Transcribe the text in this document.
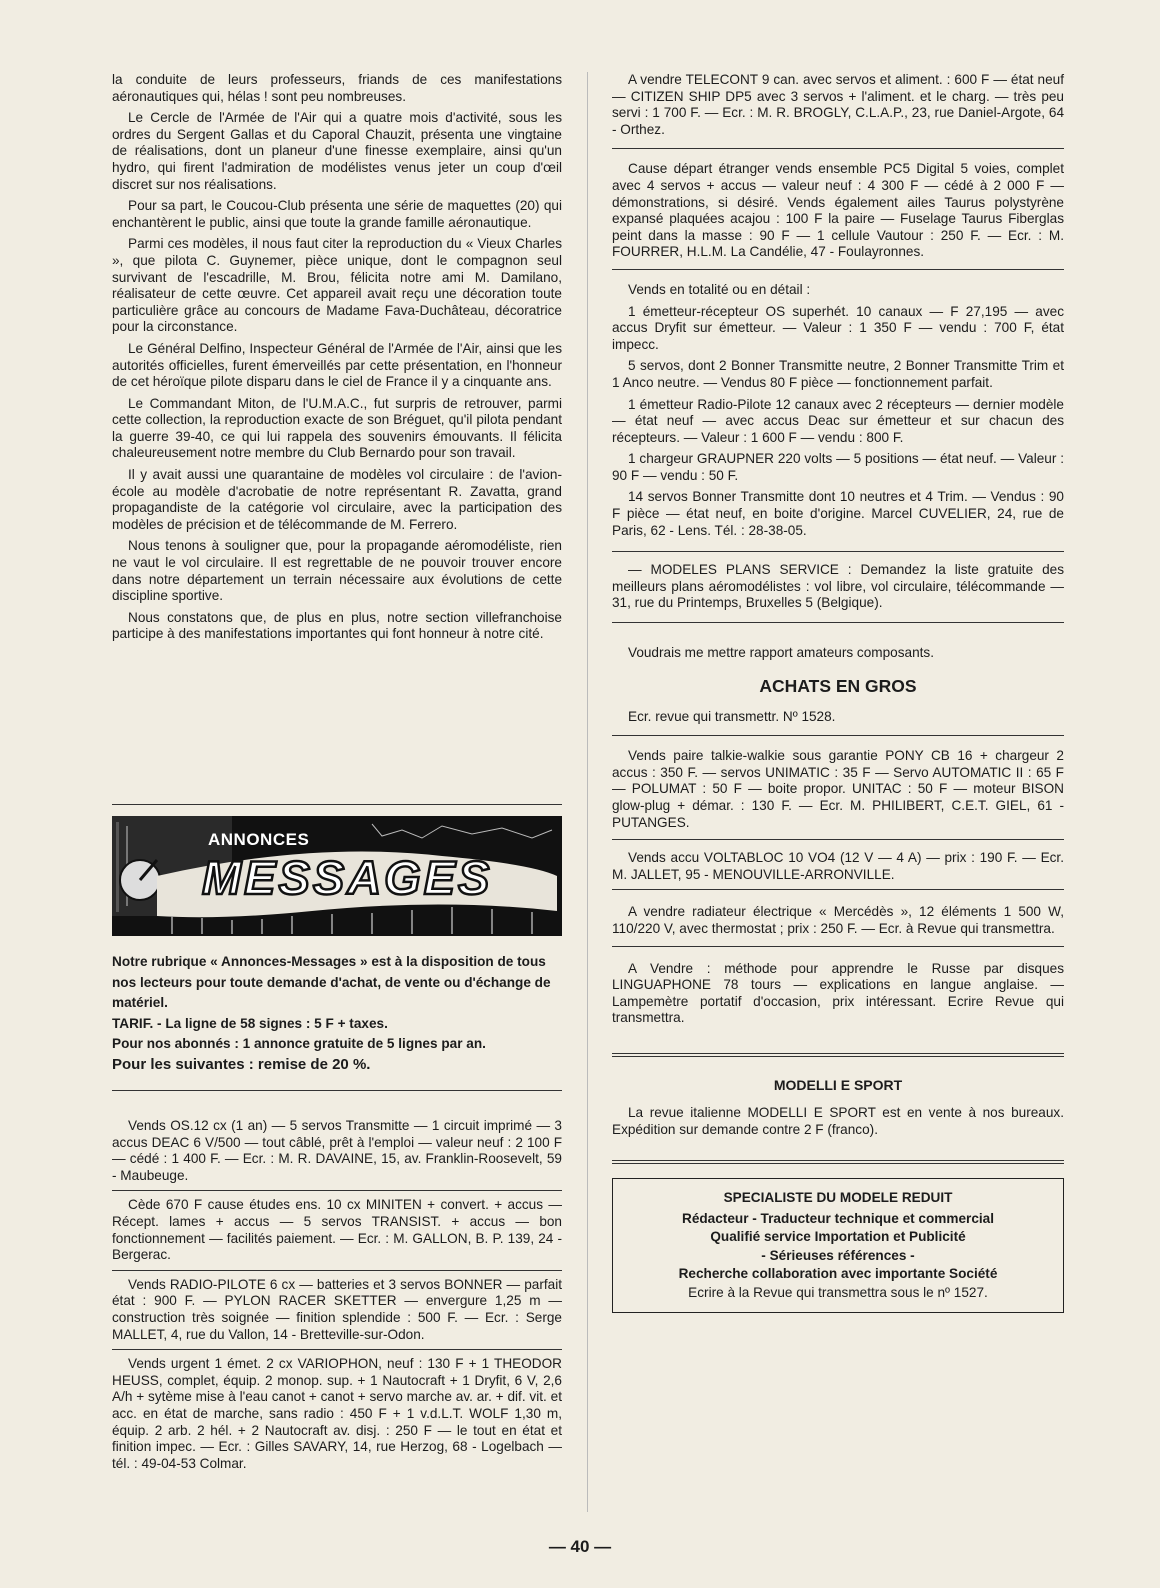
la conduite de leurs professeurs, friands de ces manifestations aéronautiques qui, hélas ! sont peu nombreuses.

Le Cercle de l'Armée de l'Air qui a quatre mois d'activité, sous les ordres du Sergent Gallas et du Caporal Chauzit, présenta une vingtaine de réalisations, dont un planeur d'une finesse exemplaire, ainsi qu'un hydro, qui firent l'admiration de modélistes venus jeter un coup d'œil discret sur nos réalisations.

Pour sa part, le Coucou-Club présenta une série de maquettes (20) qui enchantèrent le public, ainsi que toute la grande famille aéronautique.

Parmi ces modèles, il nous faut citer la reproduction du « Vieux Charles », que pilota C. Guynemer, pièce unique, dont le compagnon seul survivant de l'escadrille, M. Brou, félicita notre ami M. Damilano, réalisateur de cette œuvre. Cet appareil avait reçu une décoration toute particulière grâce au concours de Madame Fava-Duchâteau, décoratrice pour la circonstance.

Le Général Delfino, Inspecteur Général de l'Armée de l'Air, ainsi que les autorités officielles, furent émerveillés par cette présentation, en l'honneur de cet héroïque pilote disparu dans le ciel de France il y a cinquante ans.

Le Commandant Miton, de l'U.M.A.C., fut surpris de retrouver, parmi cette collection, la reproduction exacte de son Bréguet, qu'il pilota pendant la guerre 39-40, ce qui lui rappela des souvenirs émouvants. Il félicita chaleureusement notre membre du Club Bernardo pour son travail.

Il y avait aussi une quarantaine de modèles vol circulaire : de l'avion-école au modèle d'acrobatie de notre représentant R. Zavatta, grand propagandiste de la catégorie vol circulaire, avec la participation des modèles de précision et de télécommande de M. Ferrero.

Nous tenons à souligner que, pour la propagande aéromodéliste, rien ne vaut le vol circulaire. Il est regrettable de ne pouvoir trouver encore dans notre département un terrain nécessaire aux évolutions de cette discipline sportive.

Nous constatons que, de plus en plus, notre section villefranchoise participe à des manifestations importantes qui font honneur à notre cité.

ANNONCES
MESSAGES

Notre rubrique « Annonces-Messages » est à la disposition de tous nos lecteurs pour toute demande d'achat, de vente ou d'échange de matériel.

TARIF. - La ligne de 58 signes : 5 F + taxes.

Pour nos abonnés : 1 annonce gratuite de 5 lignes par an.

Pour les suivantes : remise de 20 %.

Vends OS.12 cx (1 an) — 5 servos Transmitte — 1 circuit imprimé — 3 accus DEAC 6 V/500 — tout câblé, prêt à l'emploi — valeur neuf : 2 100 F — cédé : 1 400 F. — Ecr. : M. R. DAVAINE, 15, av. Franklin-Roosevelt, 59 - Maubeuge.

Cède 670 F cause études ens. 10 cx MINITEN + convert. + accus — Récept. lames + accus — 5 servos TRANSIST. + accus — bon fonctionnement — facilités paiement. — Ecr. : M. GALLON, B. P. 139, 24 - Bergerac.

Vends RADIO-PILOTE 6 cx — batteries et 3 servos BONNER — parfait état : 900 F. — PYLON RACER SKETTER — envergure 1,25 m — construction très soignée — finition splendide : 500 F. — Ecr. : Serge MALLET, 4, rue du Vallon, 14 - Bretteville-sur-Odon.

Vends urgent 1 émet. 2 cx VARIOPHON, neuf : 130 F + 1 THEODOR HEUSS, complet, équip. 2 monop. sup. + 1 Nautocraft + 1 Dryfit, 6 V, 2,6 A/h + sytème mise à l'eau canot + canot + servo marche av. ar. + dif. vit. et acc. en état de marche, sans radio : 450 F + 1 v.d.L.T. WOLF 1,30 m, équip. 2 arb. 2 hél. + 2 Nautocraft av. disj. : 250 F — le tout en état et finition impec. — Ecr. : Gilles SAVARY, 14, rue Herzog, 68 - Logelbach — tél. : 49-04-53 Colmar.

A vendre TELECONT 9 can. avec servos et aliment. : 600 F — état neuf — CITIZEN SHIP DP5 avec 3 servos + l'aliment. et le charg. — très peu servi : 1 700 F. — Ecr. : M. R. BROGLY, C.L.A.P., 23, rue Daniel-Argote, 64 - Orthez.

Cause départ étranger vends ensemble PC5 Digital 5 voies, complet avec 4 servos + accus — valeur neuf : 4 300 F — cédé à 2 000 F — démonstrations, si désiré. Vends également ailes Taurus polystyrène expansé plaquées acajou : 100 F la paire — Fuselage Taurus Fiberglas peint dans la masse : 90 F — 1 cellule Vautour : 250 F. — Ecr. : M. FOURRER, H.L.M. La Candélie, 47 - Foulayronnes.

Vends en totalité ou en détail :

1 émetteur-récepteur OS superhét. 10 canaux — F 27,195 — avec accus Dryfit sur émetteur. — Valeur : 1 350 F — vendu : 700 F, état impecc.

5 servos, dont 2 Bonner Transmitte neutre, 2 Bonner Transmitte Trim et 1 Anco neutre. — Vendus 80 F pièce — fonctionnement parfait.

1 émetteur Radio-Pilote 12 canaux avec 2 récepteurs — dernier modèle — état neuf — avec accus Deac sur émetteur et sur chacun des récepteurs. — Valeur : 1 600 F — vendu : 800 F.

1 chargeur GRAUPNER 220 volts — 5 positions — état neuf. — Valeur : 90 F — vendu : 50 F.

14 servos Bonner Transmitte dont 10 neutres et 4 Trim. — Vendus : 90 F pièce — état neuf, en boite d'origine. Marcel CUVELIER, 24, rue de Paris, 62 - Lens. Tél. : 28-38-05.

— MODELES PLANS SERVICE : Demandez la liste gratuite des meilleurs plans aéromodélistes : vol libre, vol circulaire, télécommande — 31, rue du Printemps, Bruxelles 5 (Belgique).

Voudrais me mettre rapport amateurs composants.

ACHATS EN GROS

Ecr. revue qui transmettr. Nº 1528.

Vends paire talkie-walkie sous garantie PONY CB 16 + chargeur 2 accus : 350 F. — servos UNIMATIC : 35 F — Servo AUTOMATIC II : 65 F — POLUMAT : 50 F — boite propor. UNITAC : 50 F — moteur BISON glow-plug + démar. : 130 F. — Ecr. M. PHILIBERT, C.E.T. GIEL, 61 - PUTANGES.

Vends accu VOLTABLOC 10 VO4 (12 V — 4 A) — prix : 190 F. — Ecr. M. JALLET, 95 - MENOUVILLE-ARRONVILLE.

A vendre radiateur électrique « Mercédès », 12 éléments 1 500 W, 110/220 V, avec thermostat ; prix : 250 F. — Ecr. à Revue qui transmettra.

A Vendre : méthode pour apprendre le Russe par disques LINGUAPHONE 78 tours — explications en langue anglaise. — Lampemètre portatif d'occasion, prix intéressant. Ecrire Revue qui transmettra.

MODELLI E SPORT

La revue italienne MODELLI E SPORT est en vente à nos bureaux. Expédition sur demande contre 2 F (franco).

SPECIALISTE DU MODELE REDUIT
Rédacteur - Traducteur technique et commercial
Qualifié service Importation et Publicité
- Sérieuses références -
Recherche collaboration avec importante Société
Ecrire à la Revue qui transmettra sous le nº 1527.
— 40 —
